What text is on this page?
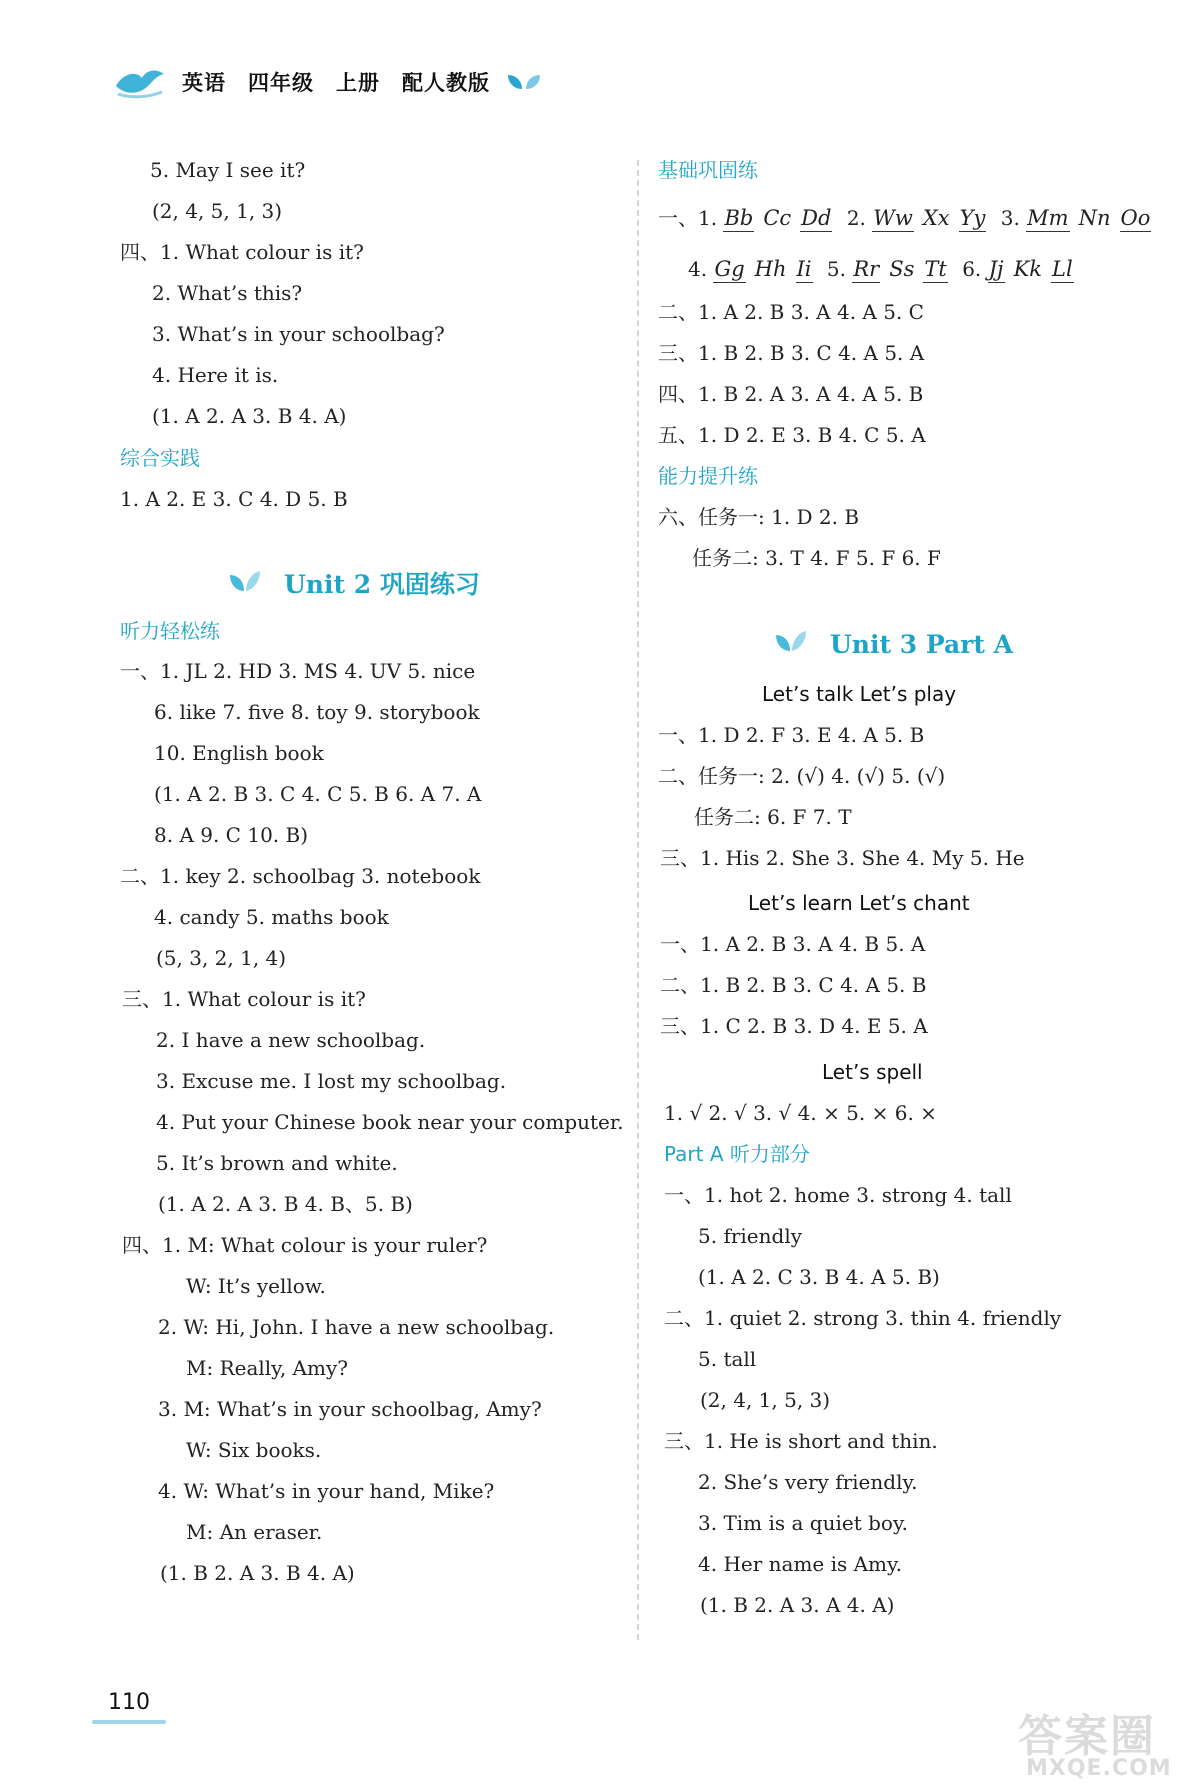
英语 四年级 上册 配人教版
5. May I see it?
(2, 4, 5, 1, 3)
四、1. What colour is it?
2. What’s this?
3. What’s in your schoolbag?
4. Here it is.
(1. A 2. A 3. B 4. A)
综合实践
1. A 2. E 3. C 4. D 5. B
Unit 2 巩固练习
听力轻松练
一、1. JL 2. HD 3. MS 4. UV 5. nice
6. like 7. five 8. toy 9. storybook
10. English book
(1. A 2. B 3. C 4. C 5. B 6. A 7. A
8. A 9. C 10. B)
二、1. key 2. schoolbag 3. notebook
4. candy 5. maths book
(5, 3, 2, 1, 4)
三、1. What colour is it?
2. I have a new schoolbag.
3. Excuse me. I lost my schoolbag.
4. Put your Chinese book near your computer.
5. It’s brown and white.
(1. A 2. A 3. B 4. B、5. B)
四、1. M: What colour is your ruler?
W: It’s yellow.
2. W: Hi, John. I have a new schoolbag.
M: Really, Amy?
3. M: What’s in your schoolbag, Amy?
W: Six books.
4. W: What’s in your hand, Mike?
M: An eraser.
(1. B 2. A 3. B 4. A)
基础巩固练
一、1. Bb Cc Dd 2. Ww Xx Yy 3. Mm Nn Oo
4. Gg Hh Ii 5. Rr Ss Tt 6. Jj Kk Ll
二、1. A 2. B 3. A 4. A 5. C
三、1. B 2. B 3. C 4. A 5. A
四、1. B 2. A 3. A 4. A 5. B
五、1. D 2. E 3. B 4. C 5. A
能力提升练
六、任务一: 1. D 2. B
任务二: 3. T 4. F 5. F 6. F
Unit 3 Part A
Let’s talk Let’s play
一、1. D 2. F 3. E 4. A 5. B
二、任务一: 2. (√) 4. (√) 5. (√)
任务二: 6. F 7. T
三、1. His 2. She 3. She 4. My 5. He
Let’s learn Let’s chant
一、1. A 2. B 3. A 4. B 5. A
二、1. B 2. B 3. C 4. A 5. B
三、1. C 2. B 3. D 4. E 5. A
Let’s spell
1. √ 2. √ 3. √ 4. × 5. × 6. ×
Part A 听力部分
一、1. hot 2. home 3. strong 4. tall
5. friendly
(1. A 2. C 3. B 4. A 5. B)
二、1. quiet 2. strong 3. thin 4. friendly
5. tall
(2, 4, 1, 5, 3)
三、1. He is short and thin.
2. She’s very friendly.
3. Tim is a quiet boy.
4. Her name is Amy.
(1. B 2. A 3. A 4. A)
110
答案圈
MXQE.COM
